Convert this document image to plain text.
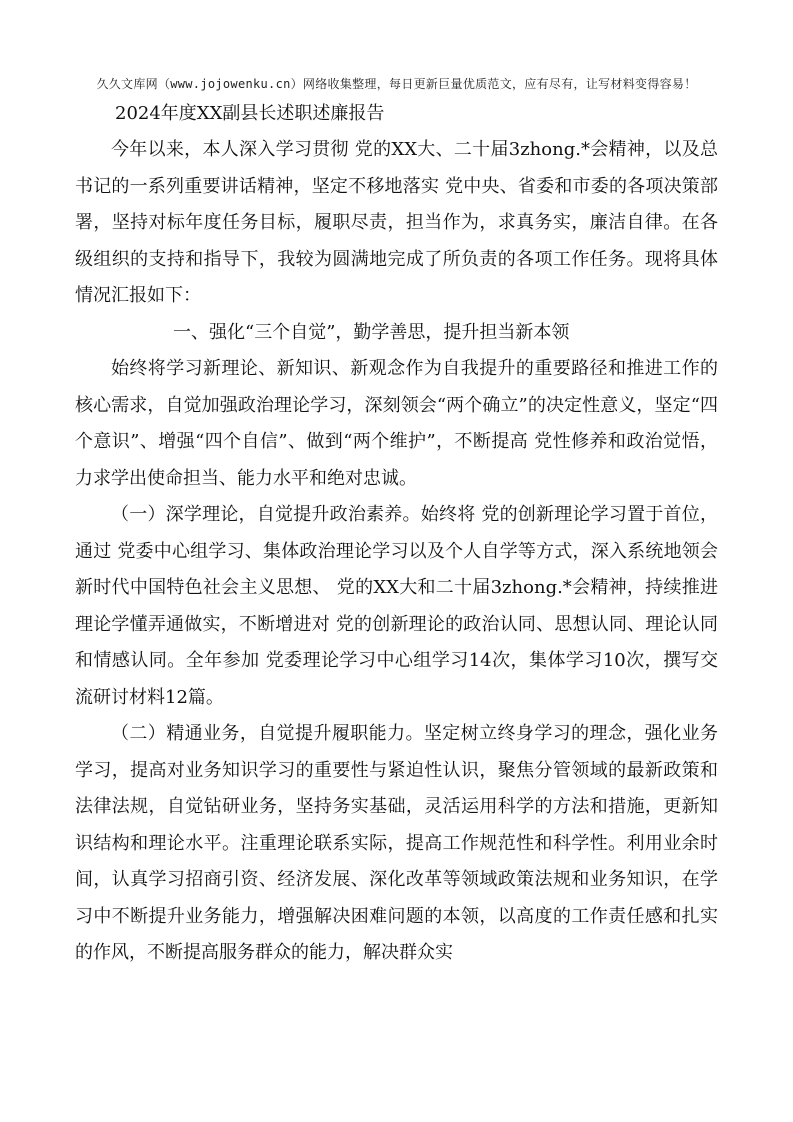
久久文库网（www.jojowenku.cn）网络收集整理，每日更新巨量优质范文，应有尽有，让写材料变得容易！
2024年度XX副县长述职述廉报告

今年以来，本人深入学习贯彻 党的XX大、二十届3zhong.*会精神，以及总书记的一系列重要讲话精神，坚定不移地落实 党中央、省委和市委的各项决策部署，坚持对标年度任务目标，履职尽责，担当作为，求真务实，廉洁自律。在各级组织的支持和指导下，我较为圆满地完成了所负责的各项工作任务。现将具体情况汇报如下：

一、强化“三个自觉”，勤学善思，提升担当新本领

始终将学习新理论、新知识、新观念作为自我提升的重要路径和推进工作的核心需求，自觉加强政治理论学习，深刻领会“两个确立”的决定性意义，坚定“四个意识”、增强“四个自信”、做到“两个维护”，不断提高 党性修养和政治觉悟，力求学出使命担当、能力水平和绝对忠诚。

（一）深学理论，自觉提升政治素养。始终将 党的创新理论学习置于首位，通过 党委中心组学习、集体政治理论学习以及个人自学等方式，深入系统地领会新时代中国特色社会主义思想、 党的XX大和二十届3zhong.*会精神，持续推进理论学懂弄通做实，不断增进对 党的创新理论的政治认同、思想认同、理论认同和情感认同。全年参加 党委理论学习中心组学习14次，集体学习10次，撰写交流研讨材料12篇。

（二）精通业务，自觉提升履职能力。坚定树立终身学习的理念，强化业务学习，提高对业务知识学习的重要性与紧迫性认识，聚焦分管领域的最新政策和法律法规，自觉钻研业务，坚持务实基础，灵活运用科学的方法和措施，更新知识结构和理论水平。注重理论联系实际，提高工作规范性和科学性。利用业余时间，认真学习招商引资、经济发展、深化改革等领域政策法规和业务知识，在学习中不断提升业务能力，增强解决困难问题的本领，以高度的工作责任感和扎实的作风，不断提高服务群众的能力，解决群众实
